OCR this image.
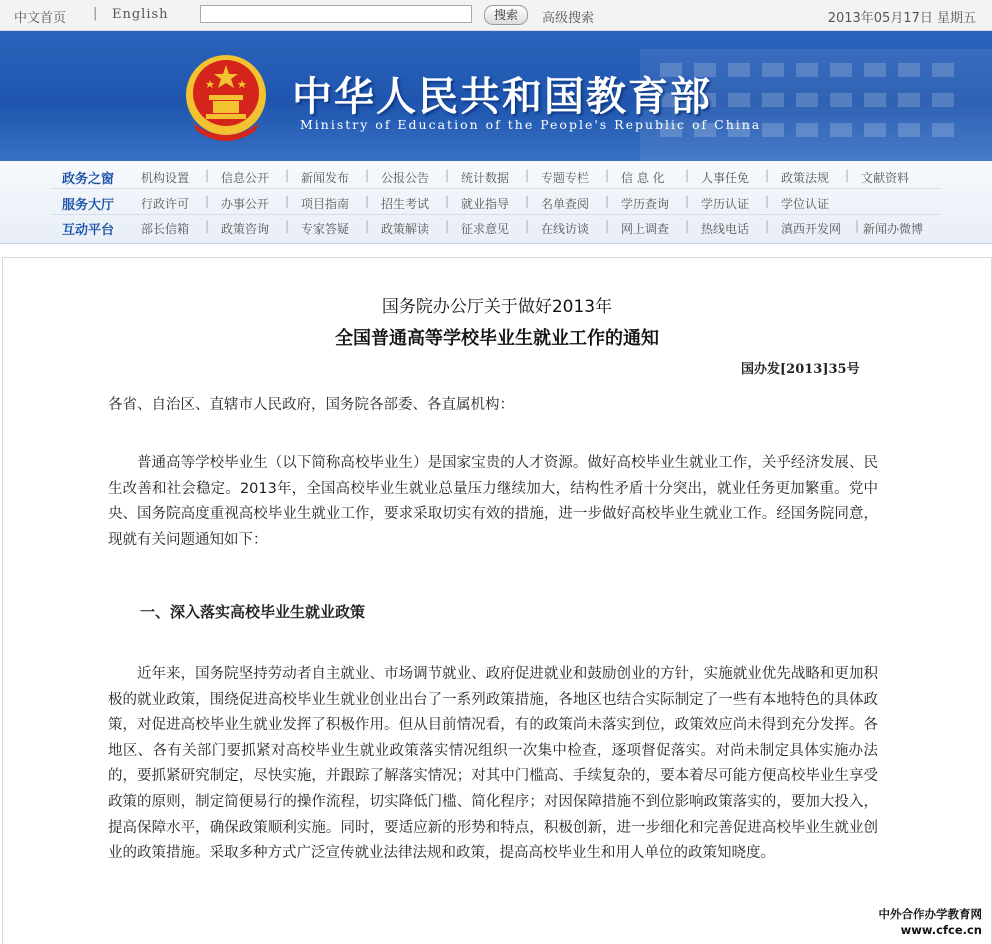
中文首页 | English	搜索	高级搜索	2013年05月17日 星期五
中华人民共和国教育部
Ministry of Education of the People's Republic of China
政务之窗 机构设置 | 信息公开 | 新闻发布 | 公报公告 | 统计数据 | 专题专栏 | 信 息 化 | 人事任免 | 政策法规 | 文献资料
服务大厅 行政许可 | 办事公开 | 项目指南 | 招生考试 | 就业指导 | 名单查阅 | 学历查询 | 学历认证 | 学位认证
互动平台 部长信箱 | 政策咨询 | 专家答疑 | 政策解读 | 征求意见 | 在线访谈 | 网上调查 | 热线电话 | 滇西开发网 | 新闻办微博
国务院办公厅关于做好2013年
全国普通高等学校毕业生就业工作的通知
国办发[2013]35号

各省、自治区、直辖市人民政府，国务院各部委、各直属机构：

普通高等学校毕业生（以下简称高校毕业生）是国家宝贵的人才资源。做好高校毕业生就业工作，关乎经济发展、民生改善和社会稳定。2013年，全国高校毕业生就业总量压力继续加大，结构性矛盾十分突出，就业任务更加繁重。党中央、国务院高度重视高校毕业生就业工作，要求采取切实有效的措施，进一步做好高校毕业生就业工作。经国务院同意，现就有关问题通知如下：

一、深入落实高校毕业生就业政策

近年来，国务院坚持劳动者自主就业、市场调节就业、政府促进就业和鼓励创业的方针，实施就业优先战略和更加积极的就业政策，围绕促进高校毕业生就业创业出台了一系列政策措施，各地区也结合实际制定了一些有本地特色的具体政策，对促进高校毕业生就业发挥了积极作用。但从目前情况看，有的政策尚未落实到位，政策效应尚未得到充分发挥。各地区、各有关部门要抓紧对高校毕业生就业政策落实情况组织一次集中检查，逐项督促落实。对尚未制定具体实施办法的，要抓紧研究制定，尽快实施，并跟踪了解落实情况；对其中门槛高、手续复杂的，要本着尽可能方便高校毕业生享受政策的原则，制定简便易行的操作流程，切实降低门槛、简化程序；对因保障措施不到位影响政策落实的，要加大投入，提高保障水平，确保政策顺利实施。同时，要适应新的形势和特点，积极创新，进一步细化和完善促进高校毕业生就业创业的政策措施。采取多种方式广泛宣传就业法律法规和政策，提高高校毕业生和用人单位的政策知晓度。

中外合作办学教育网
www.cfce.cn
